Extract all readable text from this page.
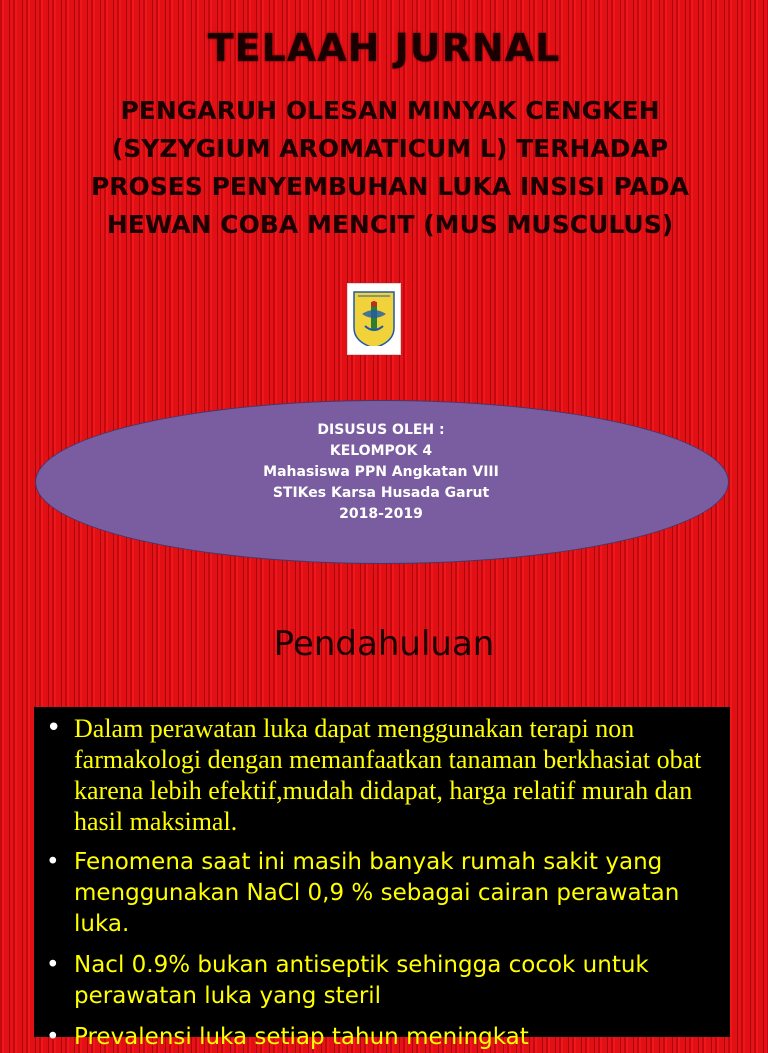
TELAAH JURNAL
PENGARUH OLESAN MINYAK CENGKEH (SYZYGIUM AROMATICUM L) TERHADAP PROSES PENYEMBUHAN LUKA INSISI PADA HEWAN COBA MENCIT (MUS MUSCULUS)
DISUSUS OLEH :
KELOMPOK 4
Mahasiswa PPN Angkatan VIII
STIKes Karsa Husada Garut
2018-2019
Pendahuluan
• Dalam perawatan luka dapat menggunakan terapi non farmakologi dengan memanfaatkan tanaman berkhasiat obat karena lebih efektif,mudah didapat, harga relatif murah dan hasil maksimal.
• Fenomena saat ini masih banyak rumah sakit yang menggunakan NaCl 0,9 % sebagai cairan perawatan luka.
• Nacl 0.9% bukan antiseptik sehingga cocok untuk perawatan luka yang steril
• Prevalensi luka setiap tahun meningkat
